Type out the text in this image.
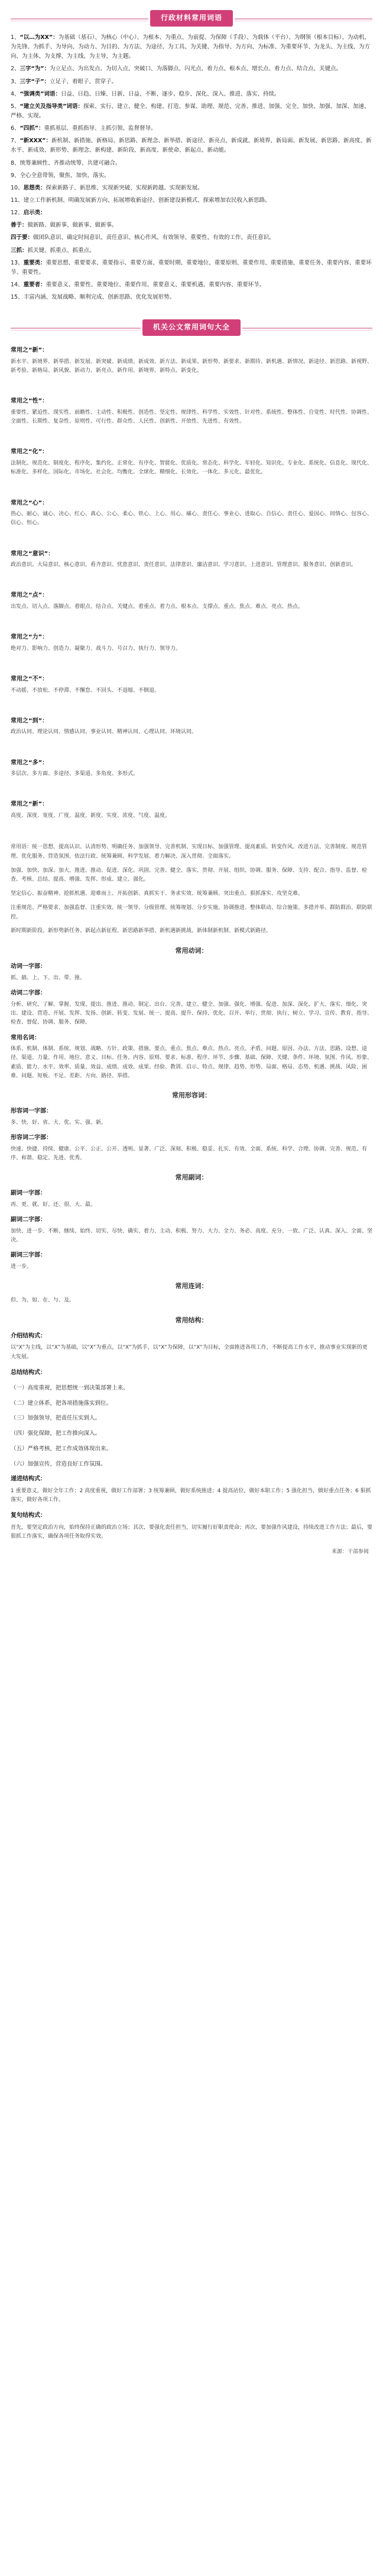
行政材料常用词语
1、“以…为XX”：为基础（基石）、为核心（中心）、为根本、为重点、为前提、为保障（手段）、为载体（平台）、为纲领（根本目标）、为动机、为先锋、为抓手、为导向、为动力、为目的、为方法、为途径、为工具、为关键、为指导、为方向、为标准、为重要环节、为龙头、为主线、为方向、为主体、为支撑、为主线、为主导、为主题。
2、三字“为”：为立足点、为出发点、为切入点、突破口、为落脚点、闪光点、着力点、根本点、增长点、着力点、结合点、关键点。
3、三字“子”：立足子、着眼子、贯穿子。
4、“强调类”词语：日益、日趋、日臻、日新、日益、不断、逐步、稳步、深化、深入、推进、落实、持续。
5、“建立关及指导类”词语：探索、实行、建立、健全、构建、打造、参谋、助理、规范、完善、推进、加强、完全、加快、加强、加深、加速、严格、实现。
6、“四抓”：重抓基层、重抓指导、主抓引领、监督督导。
7、“新XXX”：新机制、新措施、新格局、新思路、新理念、新举措、新途径、新亮点、新成就、新境界、新局面、新发展、新思路、新高度、新水平、新成效、新形势、新理念、新构建、新阶段、新高度、新使命、新起点、新动能。
8、统筹兼顾性、齐推动统筹、共建可融合。
9、全心全意带领，聚焦、加快、落实。
10、思想类：探索新路子、新思维、实现新突破、实现新跨越、实现新发展。
11、建立工作新机制、明确发展新方向、拓展增收新途径、创新建设新模式、探索增加农民收入新思路。
12、启示类：
善于：做新路、做新事、做新事、做新事。
四于要：做团队意识、确定时间意识、责任意识、核心作风、有效领导、重要性、有效的工作、责任意识。
三抓：抓关键、抓重点、抓重点。
13、重要类：重要思想、重要要求、重要指示、重要方面、重要时期、重要地位、重要原则、重要作用、重要措施、重要任务、重要内容、重要环节、重要性。
14、重要者：重要意义、重要性、重要地位、重要作用、重要意义、重要机遇、重要内容、重要环节。
15、丰富内涵、发展战略、顺利完成、创新思路、优化发展形势。
机关公文常用词句大全
常用之“新”：
新水平、新境界、新举措、新发展、新突破、新成绩、新成效、新方法、新成果、新形势、新要求、新期待、新机遇、新情况、新途径、新思路、新视野、新考验、新格局、新风貌、新动力、新亮点、新作用、新境界、新特点、新变化。
常用之“性”：
重要性、紧迫性、现实性、前瞻性、主动性、积极性、创造性、坚定性、规律性、科学性、实效性、针对性、系统性、整体性、自觉性、时代性、协调性、全面性、长期性、复杂性、原则性、可行性、群众性、人民性、创新性、开放性、先进性、有效性。
常用之“化”：
法制化、规范化、制度化、程序化、集约化、正常化、有序化、智能化、优质化、常态化、科学化、年轻化、知识化、专业化、系统化、信息化、现代化、标准化、多样化、国际化、市场化、社会化、均衡化、全球化、精细化、长效化、一体化、多元化、最优化。
常用之“心”：
热心、耐心、诚心、决心、红心、真心、公心、柔心、铁心、上心、用心、痛心、责任心、事业心、进取心、自信心、责任心、爱国心、同情心、包容心、信心、恒心。
常用之“意识”：
政治意识、大局意识、核心意识、看齐意识、忧患意识、责任意识、法律意识、廉洁意识、学习意识、上进意识、管理意识、服务意识、创新意识。
常用之“点”：
出发点、切入点、落脚点、着眼点、结合点、关键点、着重点、着力点、根本点、支撑点、重点、焦点、难点、亮点、热点。
常用之“力”：
绝对力、影响力、创造力、凝聚力、战斗力、号召力、执行力、领导力。
常用之“不”：
不动摇、不放松、不停滞、不懈怠、不回头、不退缩、不倒退。
常用之“到”：
政治认同、理论认同、情感认同、事业认同、精神认同、心理认同、环境认同。
常用之“多”：
多层次、多方面、多途径、多渠道、多角度、多形式。
常用之“新”：
高度、深度、宽度、广度、温度、新度、实度、浓度、气度、温度。
常用语：统一思想、提高认识、认清形势、明确任务、加强领导、完善机制、实现目标、加强管理、提高素质、转变作风、改进方法、完善制度、规范管理、优化服务、营造氛围、依法行政、统筹兼顾、科学发展、着力解决、深入贯彻、全面落实。
加强、加快、加深、加大、推进、推动、促进、深化、巩固、完善、健全、落实、贯彻、开展、组织、协调、服务、保障、支持、配合、指导、监督、检查、考核、总结、提高、增强、发挥、形成、建立、强化。
坚定信心、振奋精神、抢抓机遇、迎难而上、开拓创新、真抓实干、务求实效、统筹兼顾、突出重点、狠抓落实、攻坚克难。
注重规范、严格要求、加强监督、注重实效、统一领导、分级管理、统筹规划、分步实施、协调推进、整体联动、综合施策、多措并举、群防群治、联防联控。
新时期新阶段、新形势新任务、新起点新征程、新思路新举措、新机遇新挑战、新体制新机制、新模式新路径。
常用动词：
动词一字部：
抓、搞、上、下、出、带、推。
动词二字部：
分析、研究、了解、掌握、发现、提出、推进、推动、制定、出台、完善、建立、健全、加强、强化、增强、促进、加深、深化、扩大、落实、细化、突出、建设、营造、开展、发挥、发扬、创新、转变、发展、统一、提高、提升、保持、优化、召开、举行、贯彻、执行、树立、学习、宣传、教育、指导、检查、督促、协调、服务、保障。
常用名词：
体系、机制、体制、系统、规划、战略、方针、政策、措施、要点、重点、焦点、难点、热点、亮点、矛盾、问题、原因、办法、方法、思路、设想、途径、渠道、力量、作用、地位、意义、目标、任务、内容、原则、要求、标准、程序、环节、步骤、基础、保障、关键、条件、环境、氛围、作风、形象、素质、能力、水平、效率、质量、效益、成绩、成效、成果、经验、教训、启示、特点、规律、趋势、形势、局面、格局、态势、机遇、挑战、风险、困难、问题、短板、不足、差距、方向、路径、举措。
常用形容词：
形容词一字部：
多、快、好、省、大、优、实、强、新。
形容词二字部：
快速、快捷、持续、健康、公平、公正、公开、透明、显著、广泛、深刻、积极、稳妥、扎实、有效、全面、系统、科学、合理、协调、完善、规范、有序、和谐、稳定、先进、优秀。
常用副词：
副词一字部：
再、更、就、好、还、很、大、最。
副词二字部：
加快、进一步、不断、继续、始终、切实、尽快、确实、着力、主动、积极、努力、大力、全力、务必、高度、充分、一致、广泛、认真、深入、全面、坚决。
副词三字部：
进一步。
常用连词：
但、为、如、在、与、及。
常用结构：
介绍结构式：
以“X”为主线，以“X”为基础，以“X”为重点，以“X”为抓手，以“X”为保障，以“X”为目标，全面推进各项工作，不断提高工作水平，推动事业实现新的更大发展。
总结结构式：
（一）高度重视，把思想统一到决策部署上来。
（二）建立体系，把各项措施落实到位。
（三）加强领导，把责任压实到人。
（四）强化保障，把工作推向深入。
（五）严格考核，把工作成效体现出来。
（六）加强宣传，营造良好工作氛围。
递进结构式：
1 重要意义，做好全年工作；2 高度重视，做好工作部署；3 统筹兼顾，做好系统推进；4 提高站位，做好本职工作；5 强化担当，做好重点任务；6 狠抓落实，做好各项工作。
复句结构式：
首先，要坚定政治方向，始终保持正确的政治立场；其次，要强化责任担当，切实履行好职责使命；再次，要加强作风建设，持续改进工作方法；最后，要狠抓工作落实，确保各项任务取得实效。
来源：干部参阅
